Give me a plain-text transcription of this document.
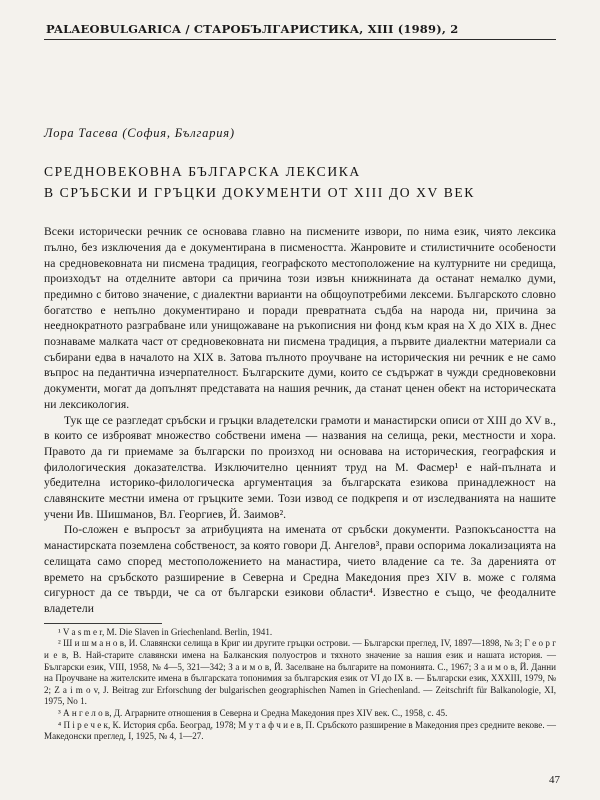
PALAEOBULGARICA / СТАРОБЪЛГАРИСТИКА, XIII (1989), 2
Лора Тасева (София, България)
СРЕДНОВЕКОВНА БЪЛГАРСКА ЛЕКСИКА
В СРЪБСКИ И ГРЪЦКИ ДОКУМЕНТИ ОТ XIII ДО XV ВЕК

Всеки исторически речник се основава главно на писмените извори, по нима език, чиято лексика пълно, без изключения да е документирана в писмеността. Жанровите и стилистичните особености на средновековната ни писмена традиция, географското местоположение на културните ни средища, произходът на отделните автори са причина този извън книжнината да останат немалко думи, предимно с битово значение, с диалектни варианти на общоупотребими лексеми. Българското словно богатство е непълно документирано и поради превратната съдба на народа ни, причина за нееднократното разграбване или унищожаване на ръкописния ни фонд към края на Х до XIX в. Днес познаваме малката част от средновековната ни писмена традиция, а първите диалектни материали са събирани едва в началото на XIX в. Затова пълното проучване на историческия ни речник е не само въпрос на педантична изчерпателност. Българските думи, които се съдържат в чужди средновековни документи, могат да допълнят представата на нашия речник, да станат ценен обект на историческата ни лексикология.

Тук ще се разгледат сръбски и гръцки владетелски грамоти и манастирски описи от XIII до XV в., в които се изброяват множество собствени имена — названия на селища, реки, местности и хора. Правото да ги приемаме за български по произход ни основава на историческия, географския и филологическия доказателства. Изключително ценният труд на М. Фасмер¹ е най-пълната и убедителна историко-филологическа аргументация за българската езикова принадлежност на славянските местни имена от гръцките земи. Този извод се подкрепя и от изследванията на нашите учени Ив. Шишманов, Вл. Георгиев, Й. Заимов².

По-сложен е въпросът за атрибуцията на имената от сръбски документи. Разпокъсаността на манастирската поземлена собственост, за която говори Д. Ангелов³, прави оспорима локализацията на селищата само според местоположението на манастира, чието владение са те. За даренията от времето на сръбското разширение в Северна и Средна Македония през XIV в. може с голяма сигурност да се твърди, че са от български езикови области⁴. Известно е също, че феодалните владетели

¹ V a s m e r, M. Die Slaven in Griechenland. Berlin, 1941.

² Ш и ш м а н о в, И. Славянски селища в Криг ии другите гръцки острови. — Български преглед, IV, 1897—1898, № 3; Г е о р г и е в, В. Най-старите славянски имена на Балканския полуостров и тяхното значение за нашия език и нашата история. — Български език, VIII, 1958, № 4—5, 321—342; З а и м о в, Й. Заселване на българите на помонията. С., 1967; З а и м о в, Й. Данни на Проучване на жителските имена в българската топонимия за българския език от VI до IX в. — Български език, XXXIII, 1979, № 2; Z a i m o v, J. Beitrag zur Erforschung der bulgarischen geographischen Namen in Griechenland. — Zeitschrift für Balkanologie, XI, 1975, No 1.

³ А н г е л о в, Д. Аграрните отношения в Северна и Средна Македония през XIV век. С., 1958, с. 45.

⁴ П i р е ч е к, К. История срба. Београд, 1978; М у т а ф ч и е в, П. Сръбското разширение в Македония през средните векове. — Македонски преглед, I, 1925, № 4, 1—27.

47
